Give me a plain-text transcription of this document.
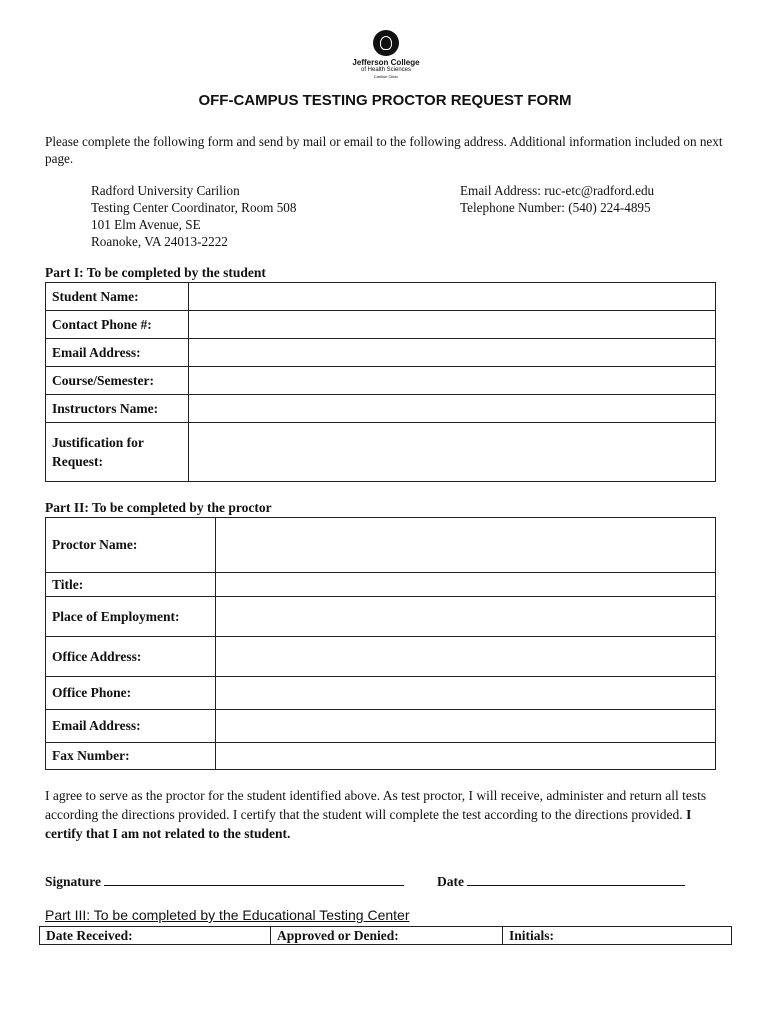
Jefferson College
of Health Sciences
Carilion Clinic
OFF-CAMPUS TESTING PROCTOR REQUEST FORM
Please complete the following form and send by mail or email to the following address. Additional information included on next page.
Radford University Carilion
Testing Center Coordinator, Room 508
101 Elm Avenue, SE
Roanoke, VA 24013-2222
Email Address: ruc-etc@radford.edu
Telephone Number: (540) 224-4895
Part I: To be completed by the student
Student Name:	
Contact Phone #:	
Email Address:	
Course/Semester:	
Instructors Name:	
Justification for Request:	
Part II: To be completed by the proctor
Proctor Name:	
Title:	
Place of Employment:	
Office Address:	
Office Phone:	
Email Address:	
Fax Number:	
I agree to serve as the proctor for the student identified above. As test proctor, I will receive, administer and return all tests according the directions provided. I certify that the student will complete the test according to the directions provided. I certify that I am not related to the student.
Signature	Date
Part III: To be completed by the Educational Testing Center
Date Received:	Approved or Denied:	Initials:
